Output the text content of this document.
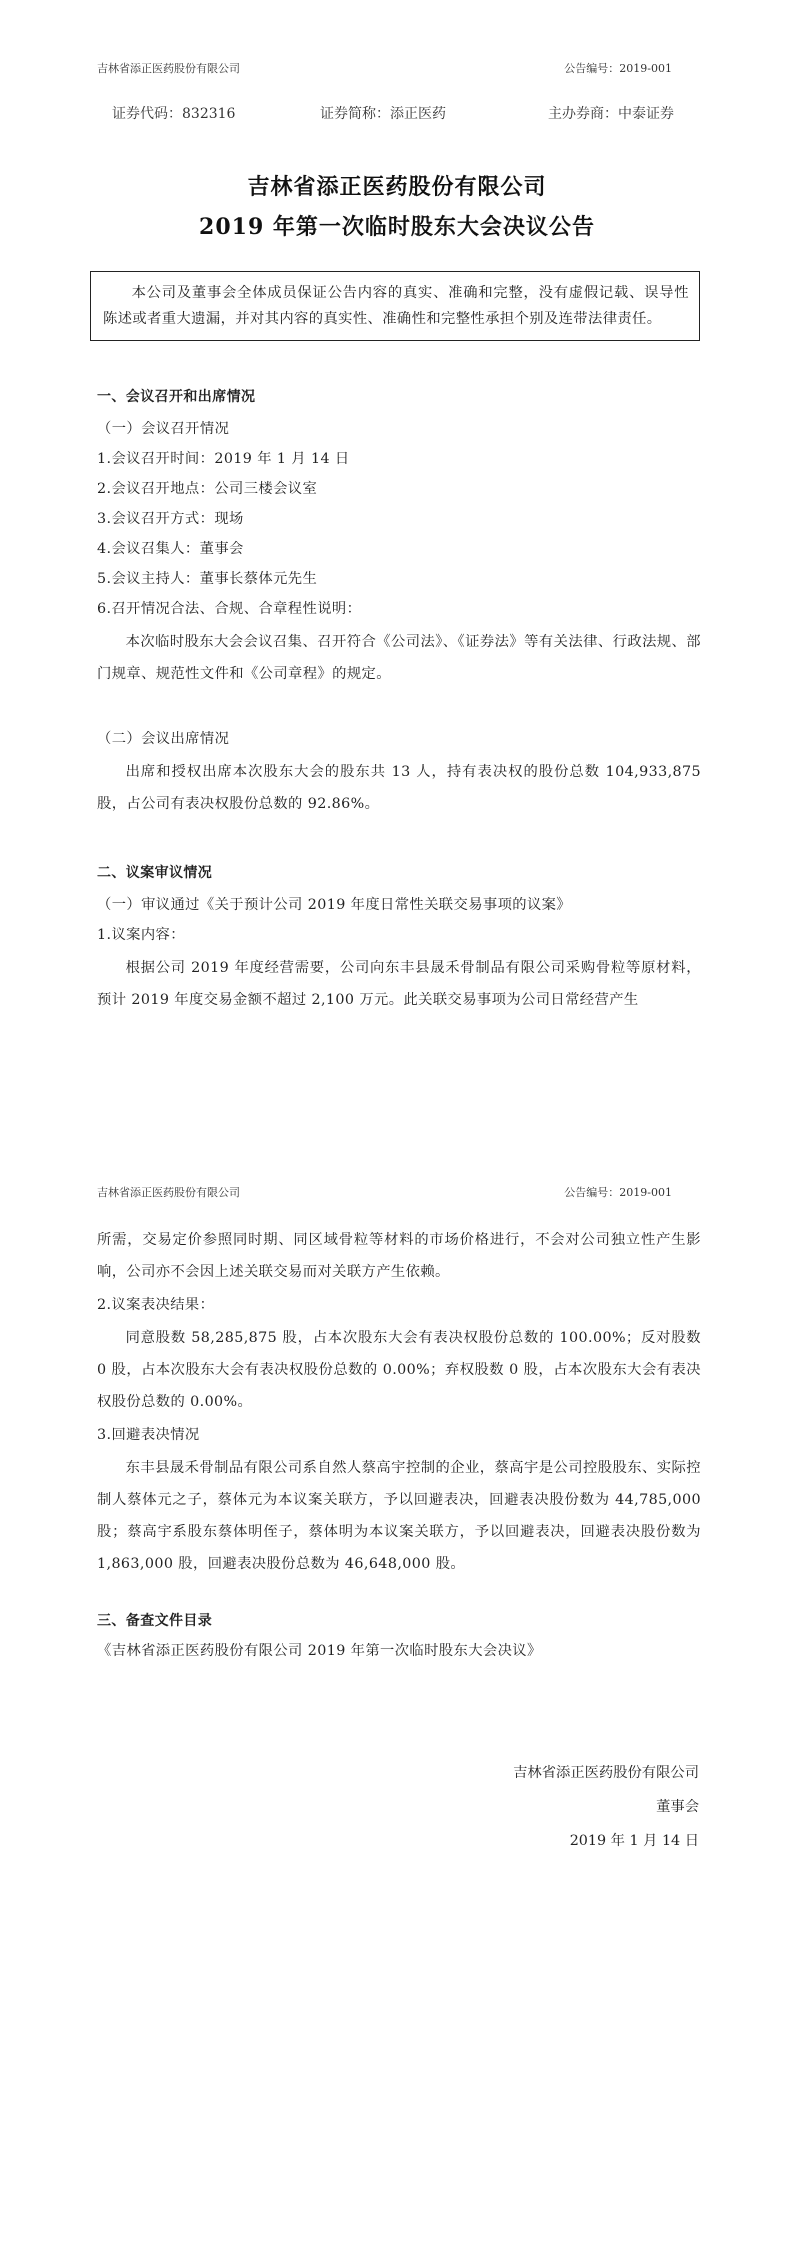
吉林省添正医药股份有限公司	公告编号：2019-001
证券代码：832316	证券简称：添正医药	主办券商：中泰证券
吉林省添正医药股份有限公司
2019 年第一次临时股东大会决议公告
本公司及董事会全体成员保证公告内容的真实、准确和完整，没有虚假记载、误导性陈述或者重大遗漏，并对其内容的真实性、准确性和完整性承担个别及连带法律责任。
一、会议召开和出席情况
（一）会议召开情况
1.会议召开时间：2019 年 1 月 14 日
2.会议召开地点：公司三楼会议室
3.会议召开方式：现场
4.会议召集人：董事会
5.会议主持人：董事长蔡体元先生
6.召开情况合法、合规、合章程性说明：
本次临时股东大会会议召集、召开符合《公司法》、《证券法》等有关法律、行政法规、部门规章、规范性文件和《公司章程》的规定。
（二）会议出席情况
出席和授权出席本次股东大会的股东共 13 人，持有表决权的股份总数 104,933,875 股，占公司有表决权股份总数的 92.86%。
二、议案审议情况
（一）审议通过《关于预计公司 2019 年度日常性关联交易事项的议案》
1.议案内容：
根据公司 2019 年度经营需要，公司向东丰县晟禾骨制品有限公司采购骨粒等原材料，预计 2019 年度交易金额不超过 2,100 万元。此关联交易事项为公司日常经营产生
吉林省添正医药股份有限公司	公告编号：2019-001
所需，交易定价参照同时期、同区域骨粒等材料的市场价格进行，不会对公司独立性产生影响，公司亦不会因上述关联交易而对关联方产生依赖。
2.议案表决结果：
同意股数 58,285,875 股，占本次股东大会有表决权股份总数的 100.00%；反对股数 0 股，占本次股东大会有表决权股份总数的 0.00%；弃权股数 0 股，占本次股东大会有表决权股份总数的 0.00%。
3.回避表决情况
东丰县晟禾骨制品有限公司系自然人蔡高宇控制的企业，蔡高宇是公司控股股东、实际控制人蔡体元之子，蔡体元为本议案关联方，予以回避表决，回避表决股份数为 44,785,000 股；蔡高宇系股东蔡体明侄子，蔡体明为本议案关联方，予以回避表决，回避表决股份数为 1,863,000 股，回避表决股份总数为 46,648,000 股。
三、备查文件目录
《吉林省添正医药股份有限公司 2019 年第一次临时股东大会决议》
吉林省添正医药股份有限公司
董事会
2019 年 1 月 14 日
